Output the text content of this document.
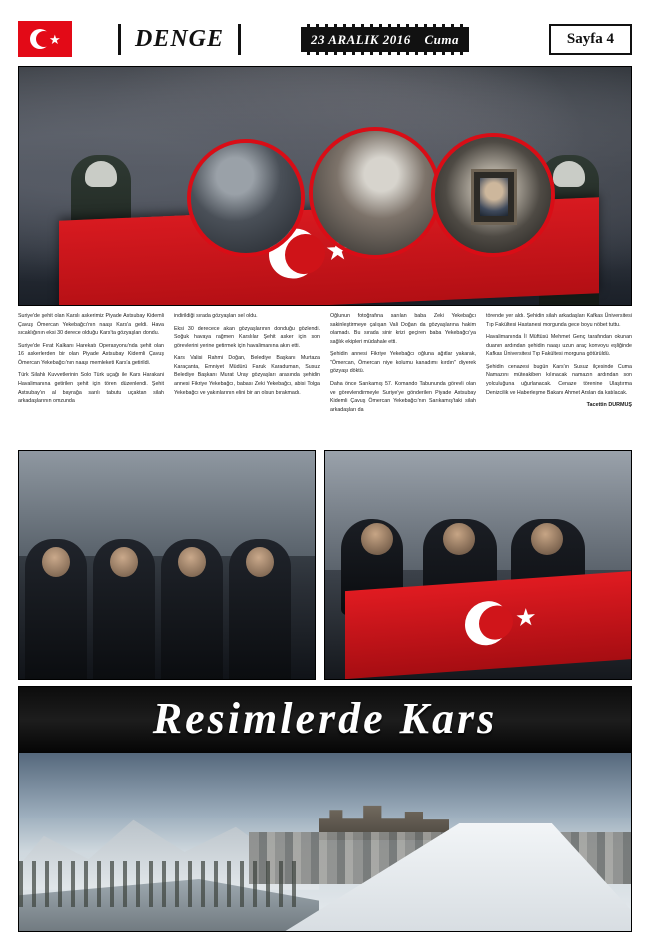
★	DENGE	23 ARALIK 2016 Cuma	Sayfa 4

Suriye'de şehit olan Karslı askerimiz Piyade Astsubay Kidemli Çavuş Ömercan Yekebağcı'nın naaşı Kars'a geldi. Hava sıcaklığının eksi 30 derece olduğu Kars'ta gözyaşları dondu.

Suriye'de Fırat Kalkanı Harekatı Operasyonu'nda şehit olan 16 askerlerden bir olan Piyade Astsubay Kidemli Çavuş Ömercan Yekebağcı'nın naaşı memleketi Kars'a getirildi.

Türk Silahlı Kuvvetlerinin Solo Türk uçağı ile Kars Harakani Havalimanına getirilen şehit için tören düzenlendi. Şehit Astsubay'ın al bayrağa sarılı tabutu uçaktan silah arkadaşlarının omzunda

indirildiği sırada gözyaşları sel oldu.

Eksi 30 derecece akan gözyaşlarının donduğu gözlendi. Soğuk havaya rağmen Karslılar Şehit asker için son görevlerini yerine getirmek için havalimanına akın etti.

Kars Valisi Rahmi Doğan, Belediye Başkanı Murtaza Karaçanta, Emniyet Müdürü Faruk Karaduman, Susuz Belediye Başkanı Murat Uray gözyaşları arasında şehidin annesi Fikriye Yekebağcı, babası Zeki Yekebağcı, abisi Tolga Yekebağcı ve yakınlarının elini bir an olsun bırakmadı.

Oğlunun fotoğrafına sarılan baba Zeki Yekebağcı sakinleştirmeye çalışan Vali Doğan da gözyaşlarına hakim olamadı. Bu sırada sinir krizi geçiren baba Yekebağcı'ya sağlık ekipleri müdahale etti.

Şehidin annesi Fikriye Yekebağcı oğluna ağıtlar yakarak, "Ömercan, Ömercan niye kolumu kanadımı kırdın" diyerek gözyaşı döktü.

Daha önce Sarıkamış 57. Komando Tabununda görevli olan ve görevlendirmeyle Suriye'ye gönderilen Piyade Astsubay Kidemli Çavuş Ömercan Yekebağcı'nın Sarıkamış'taki silah arkadaşları da

törende yer aldı. Şehidin silah arkadaşları Kafkas Üniversitesi Tıp Fakültesi Hastanesi morgunda gece boyu nöbet tuttu.

Havalimanında İl Müftüsü Mehmet Genç tarafından okunan duanın ardından şehidin naaşı uzun araç konvoyu eşliğinde Kafkas Üniversitesi Tıp Fakültesi morguna götürüldü.

Şehidin cenazesi bugün Kars'ın Susuz ilçesinde Cuma Namazını müteakiben kılınacak namazın ardından son yolculuğuna uğurlanacak. Cenaze törenine Ulaştırma Denizcilik ve Haberleşme Bakanı Ahmet Arslan da katılacak.

Tacettin DURMUŞ
★
Resimlerde Kars
